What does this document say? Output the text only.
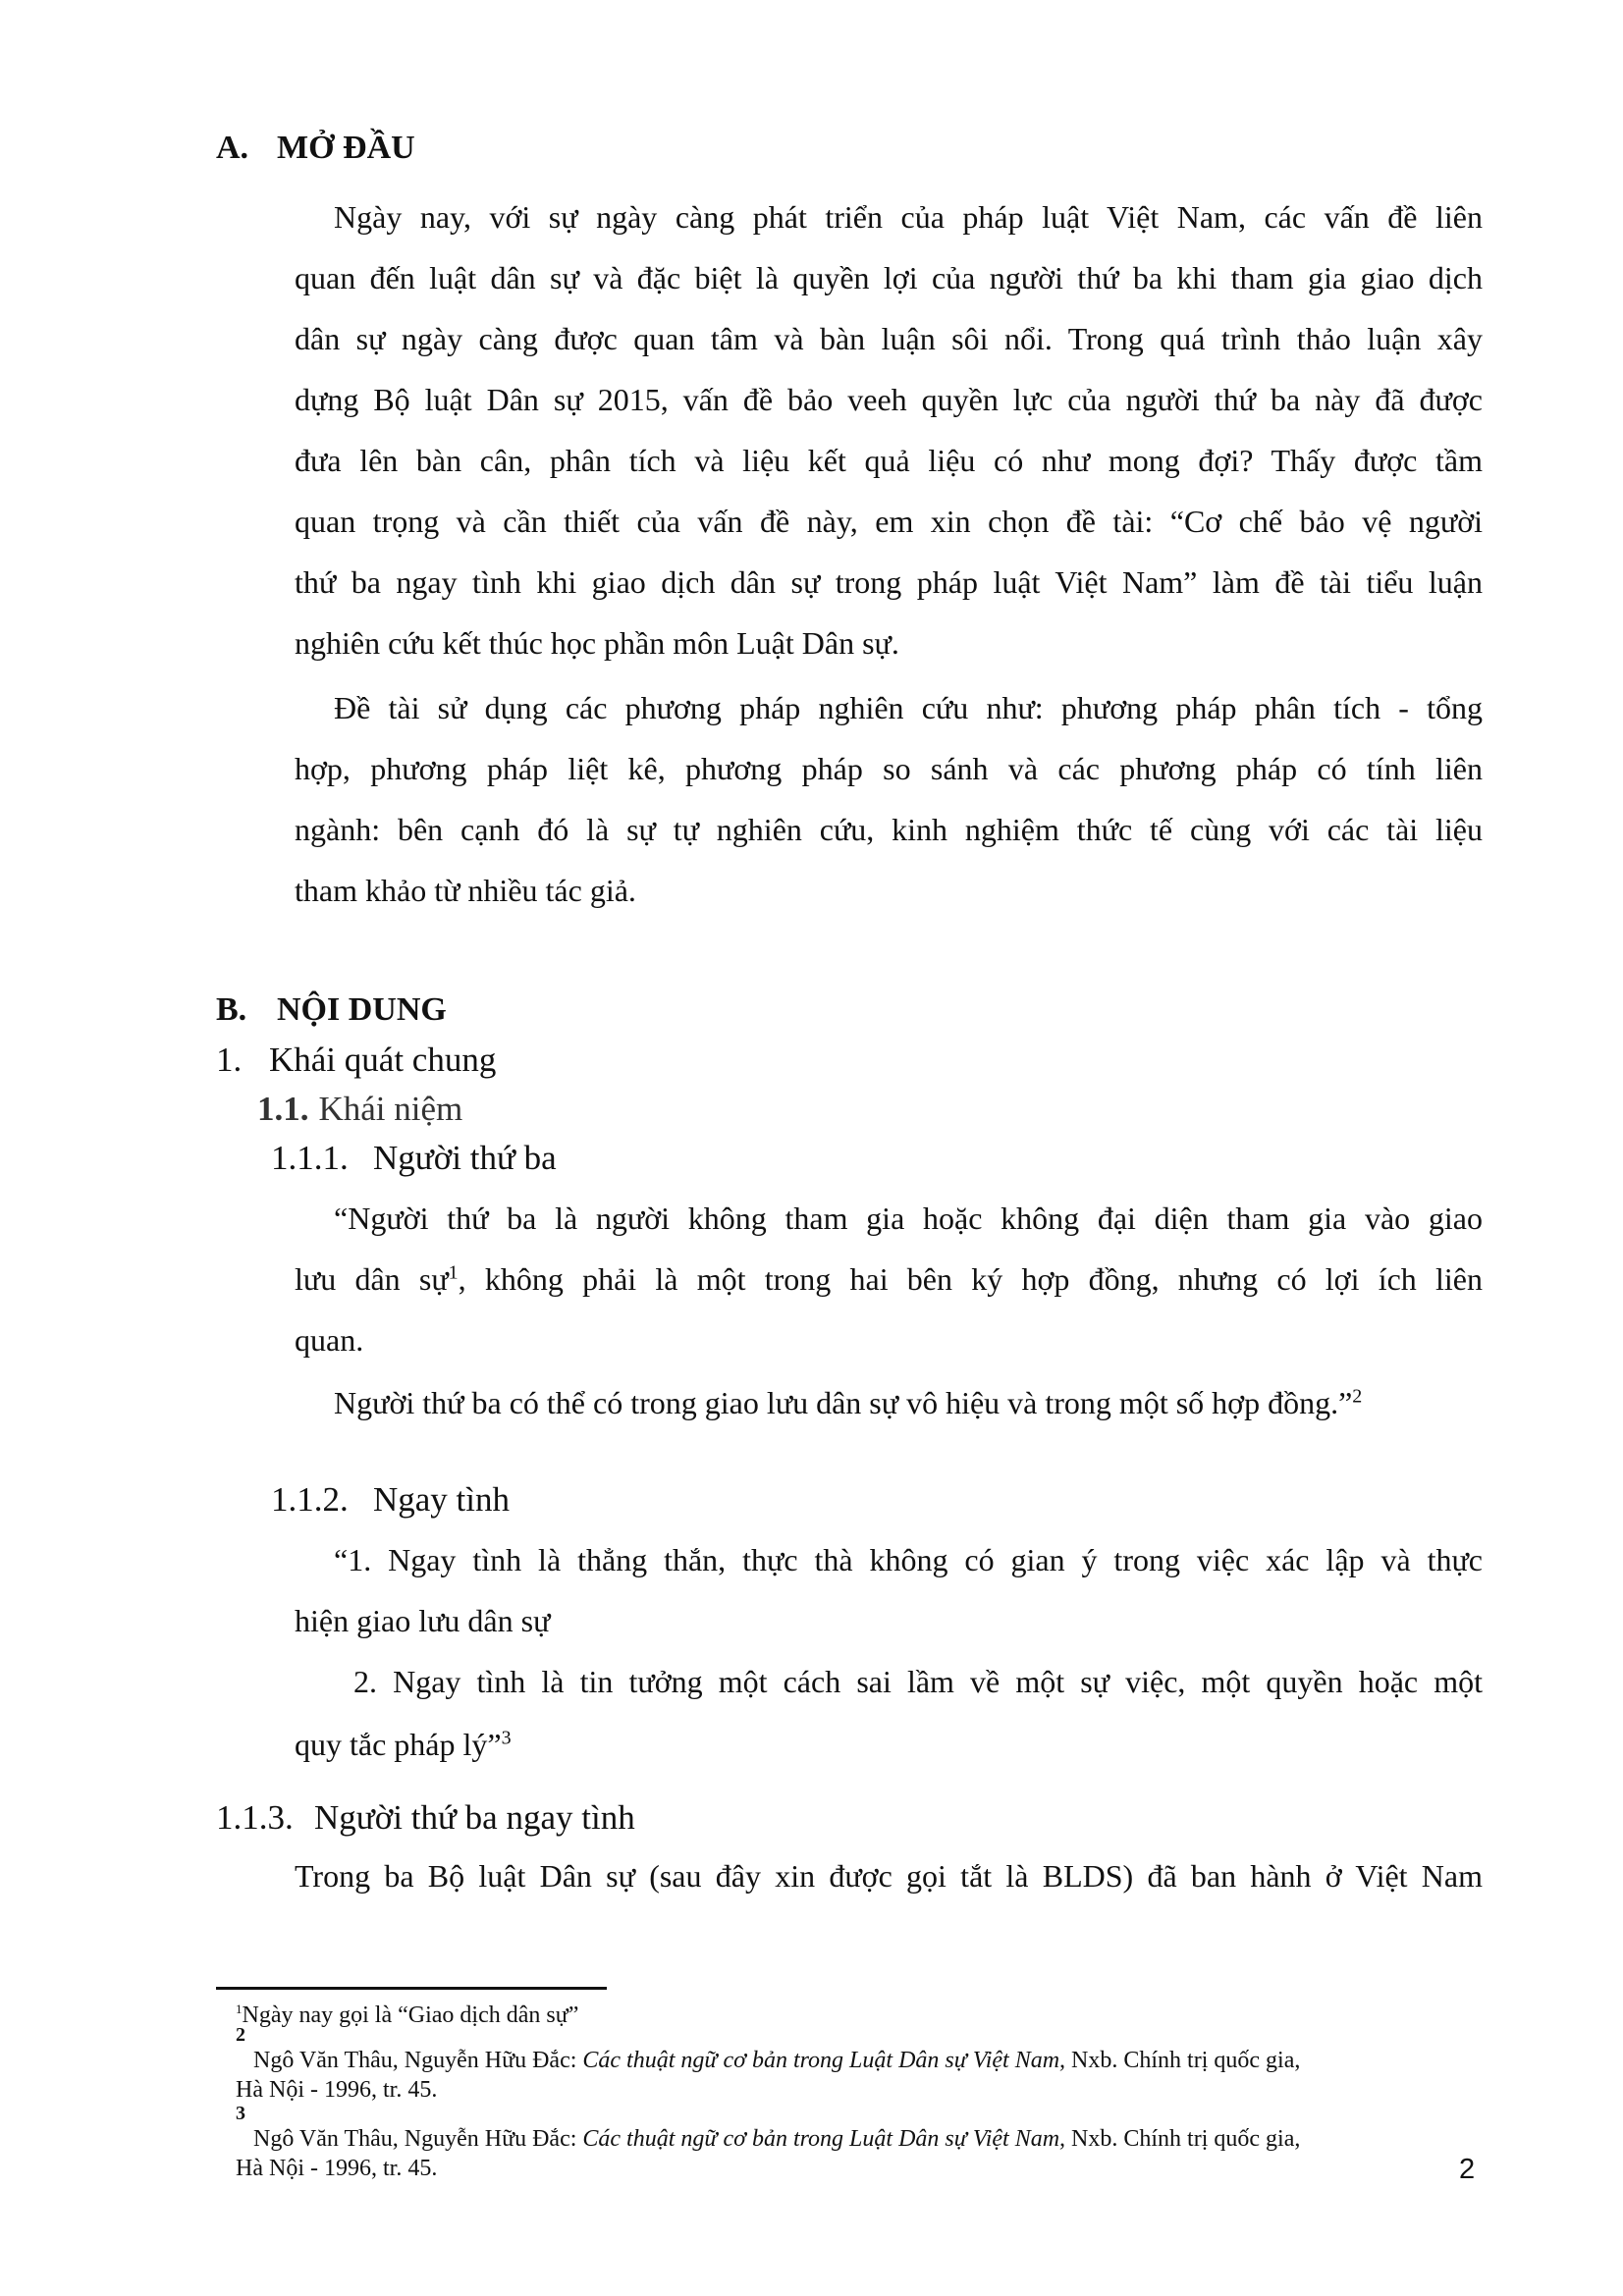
A. MỞ ĐẦU
Ngày nay, với sự ngày càng phát triển của pháp luật Việt Nam, các vấn đề liên
quan đến luật dân sự và đặc biệt là quyền lợi của người thứ ba khi tham gia giao dịch
dân sự ngày càng được quan tâm và bàn luận sôi nổi. Trong quá trình thảo luận xây
dựng Bộ luật Dân sự 2015, vấn đề bảo veeh quyền lực của người thứ ba này đã được
đưa lên bàn cân, phân tích và liệu kết quả liệu có như mong đợi? Thấy được tầm
quan trọng và cần thiết của vấn đề này, em xin chọn đề tài: “Cơ chế bảo vệ người
thứ ba ngay tình khi giao dịch dân sự trong pháp luật Việt Nam” làm đề tài tiểu luận
nghiên cứu kết thúc học phần môn Luật Dân sự.
Đề tài sử dụng các phương pháp nghiên cứu như: phương pháp phân tích - tổng
hợp, phương pháp liệt kê, phương pháp so sánh và các phương pháp có tính liên
ngành: bên cạnh đó là sự tự nghiên cứu, kinh nghiệm thức tế cùng với các tài liệu
tham khảo từ nhiều tác giả.
B. NỘI DUNG
1. Khái quát chung
1.1. Khái niệm
1.1.1. Người thứ ba
“Người thứ ba là người không tham gia hoặc không đại diện tham gia vào giao
lưu dân sự$^1$, không phải là một trong hai bên ký hợp đồng, nhưng có lợi ích liên
quan.
Người thứ ba có thể có trong giao lưu dân sự vô hiệu và trong một số hợp đồng.”$^2$
1.1.2. Ngay tình
“1. Ngay tình là thẳng thắn, thực thà không có gian ý trong việc xác lập và thực
hiện giao lưu dân sự
2. Ngay tình là tin tưởng một cách sai lầm về một sự việc, một quyền hoặc một
quy tắc pháp lý”$^3$
1.1.3. Người thứ ba ngay tình
Trong ba Bộ luật Dân sự (sau đây xin được gọi tắt là BLDS) đã ban hành ở Việt Nam
$^1$Ngày nay gọi là “Giao dịch dân sự”
2
Ngô Văn Thâu, Nguyễn Hữu Đắc: Các thuật ngữ cơ bản trong Luật Dân sự Việt Nam, Nxb. Chính trị quốc gia,
Hà Nội - 1996, tr. 45.
3
Ngô Văn Thâu, Nguyễn Hữu Đắc: Các thuật ngữ cơ bản trong Luật Dân sự Việt Nam, Nxb. Chính trị quốc gia,
Hà Nội - 1996, tr. 45.	2
